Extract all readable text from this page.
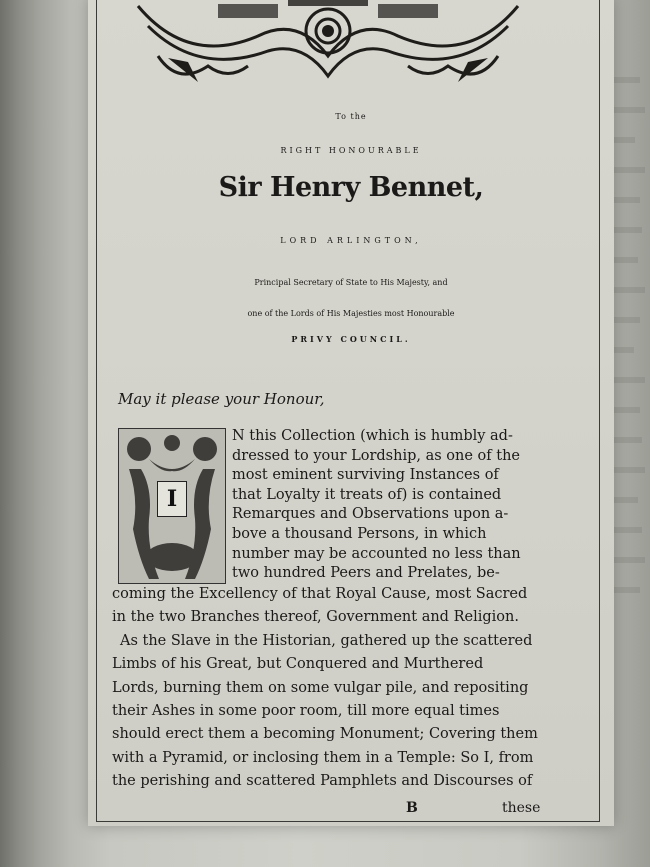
To the
RIGHT HONOURABLE
Sir Henry Bennet,
LORD ARLINGTON,
Principal Secretary of State to His Majesty, and
one of the Lords of His Majesties most Honourable
PRIVY COUNCIL.
May it please your Honour,
I
N this Collection (which is humbly ad-
dressed to your Lordship, as one of the
most eminent surviving Instances of
that Loyalty it treats of) is contained
Remarques and Observations upon a-
bove a thousand Persons, in which
number may be accounted no less than
two hundred Peers and Prelates, be-
coming the Excellency of that Royal Cause, most Sacred
in the two Branches thereof, Government and Religion.
As the Slave in the Historian, gathered up the scattered
Limbs of his Great, but Conquered and Murthered
Lords, burning them on some vulgar pile, and repositing
their Ashes in some poor room, till more equal times
should erect them a becoming Monument; Covering them
with a Pyramid, or inclosing them in a Temple: So I, from
the perishing and scattered Pamphlets and Discourses of
B	these
